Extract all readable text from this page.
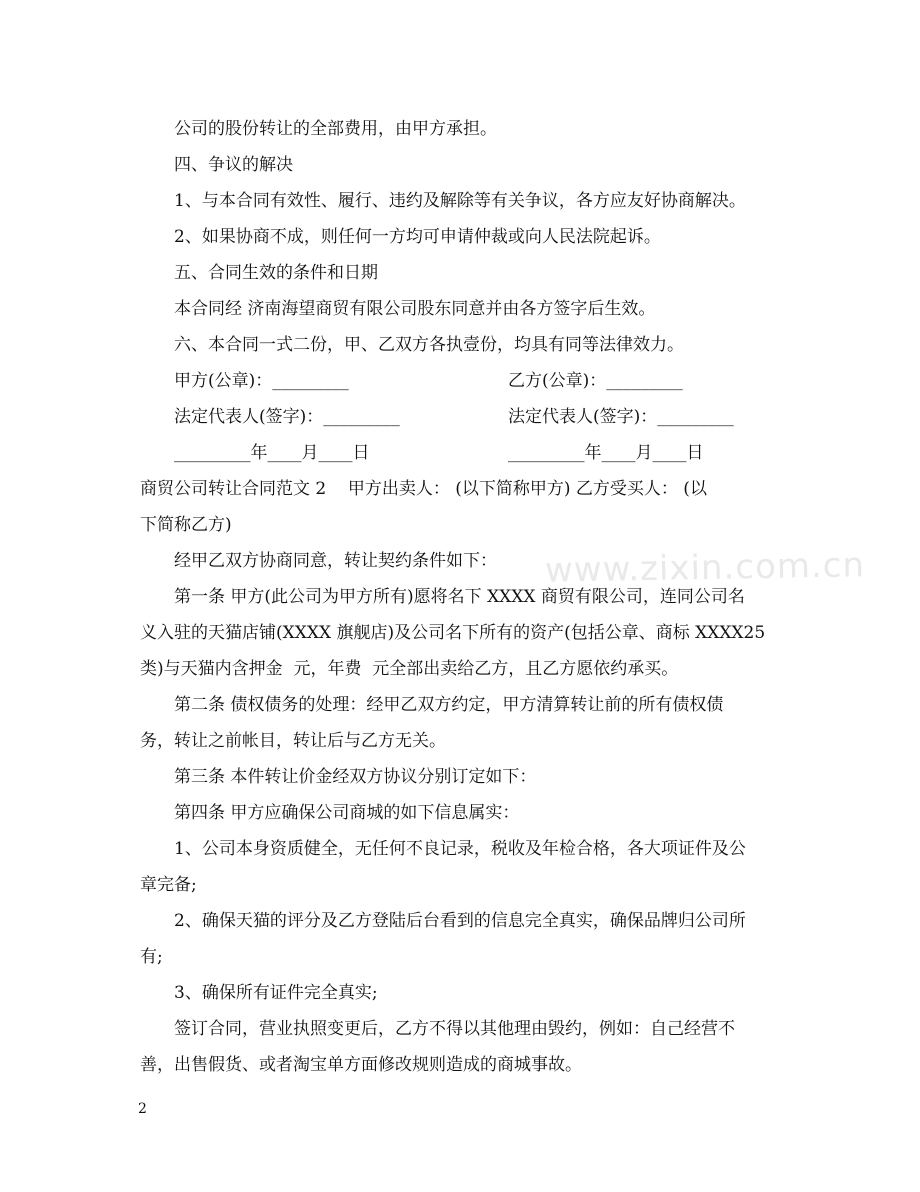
www.zixin.com.cn
公司的股份转让的全部费用，由甲方承担。
四、争议的解决
1、与本合同有效性、履行、违约及解除等有关争议，各方应友好协商解决。
2、如果协商不成，则任何一方均可申请仲裁或向人民法院起诉。
五、合同生效的条件和日期
本合同经 济南海望商贸有限公司股东同意并由各方签字后生效。
六、本合同一式二份，甲、乙双方各执壹份，均具有同等法律效力。
甲方(公章)：_________	乙方(公章)：_________
法定代表人(签字)：_________	法定代表人(签字)：_________
_________年____月____日	_________年____月____日
商贸公司转让合同范文 2    甲方出卖人： (以下简称甲方) 乙方受买人： (以
下简称乙方)
经甲乙双方协商同意，转让契约条件如下：
第一条 甲方(此公司为甲方所有)愿将名下 XXXX 商贸有限公司，连同公司名
义入驻的天猫店铺(XXXX 旗舰店)及公司名下所有的资产(包括公章、商标 XXXX25
类)与天猫内含押金  元，年费  元全部出卖给乙方，且乙方愿依约承买。
第二条 债权债务的处理：经甲乙双方约定，甲方清算转让前的所有债权债
务，转让之前帐目，转让后与乙方无关。
第三条 本件转让价金经双方协议分别订定如下：
第四条 甲方应确保公司商城的如下信息属实：
1、公司本身资质健全，无任何不良记录，税收及年检合格，各大项证件及公
章完备;
2、确保天猫的评分及乙方登陆后台看到的信息完全真实，确保品牌归公司所
有;
3、确保所有证件完全真实;
签订合同，营业执照变更后，乙方不得以其他理由毁约，例如：自己经营不
善，出售假货、或者淘宝单方面修改规则造成的商城事故。
2
